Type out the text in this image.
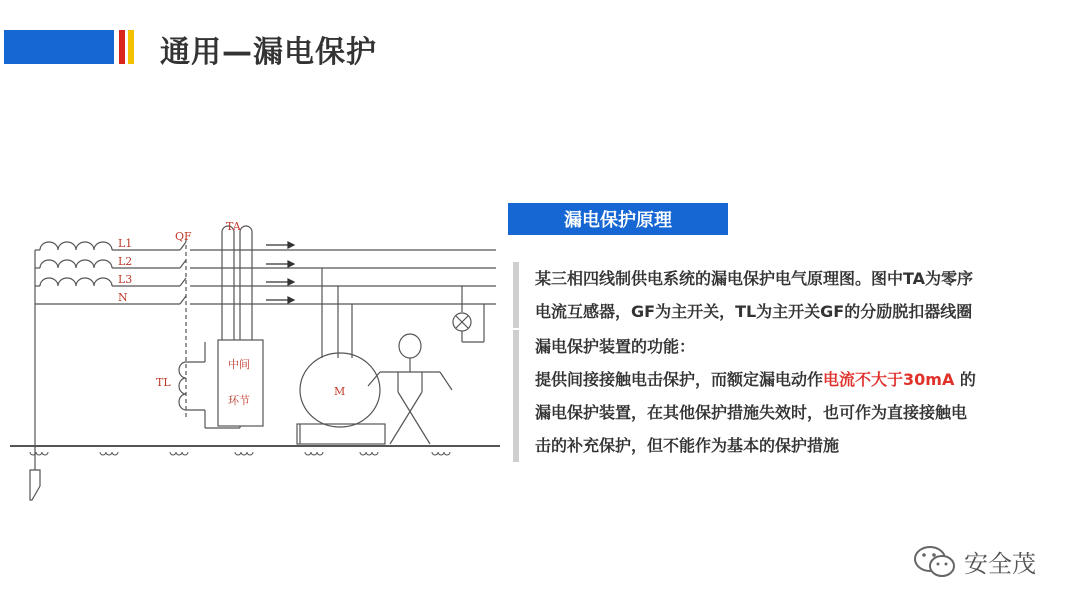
通用—漏电保护
L1
L2
L3
N
QF
TA
TL
中间
环节
M
漏电保护原理
某三相四线制供电系统的漏电保护电气原理图。图中TA为零序
电流互感器，GF为主开关，TL为主开关GF的分励脱扣器线圈
漏电保护装置的功能：
提供间接接触电击保护，而额定漏电动作电流不大于30mA 的
漏电保护装置，在其他保护措施失效时，也可作为直接接触电
击的补充保护，但不能作为基本的保护措施
安全茂
